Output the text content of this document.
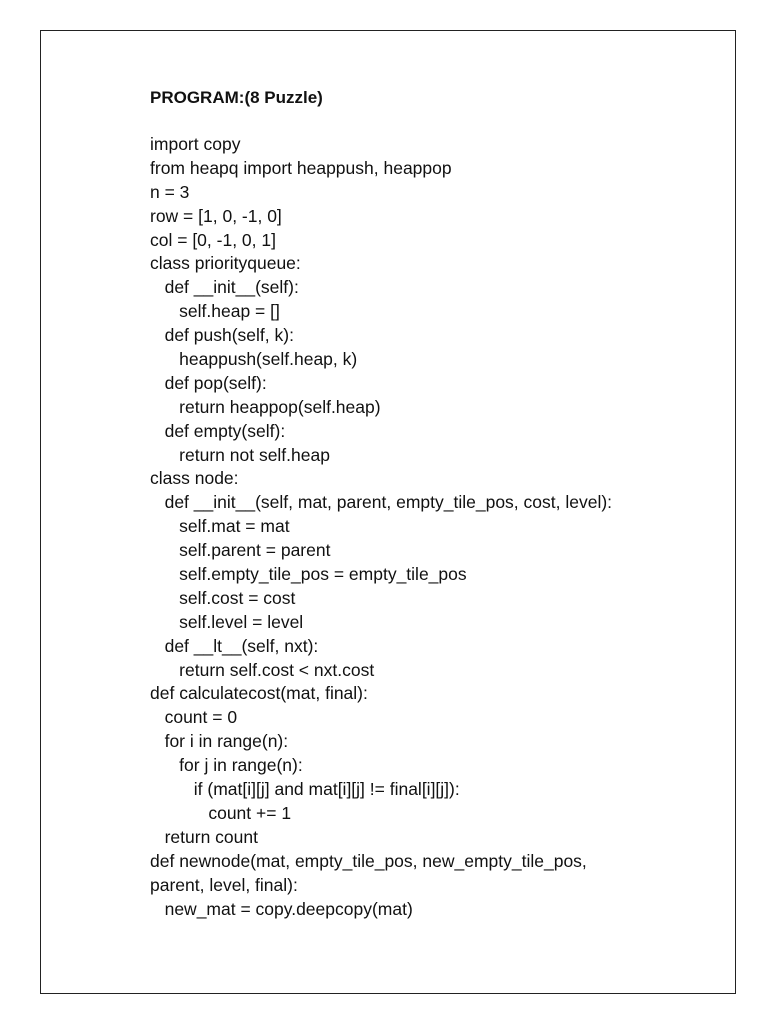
PROGRAM:(8 Puzzle)
import copy
from heapq import heappush, heappop
n = 3
row = [1, 0, -1, 0]
col = [0, -1, 0, 1]
class priorityqueue:
def __init__(self):
self.heap = []
def push(self, k):
heappush(self.heap, k)
def pop(self):
return heappop(self.heap)
def empty(self):
return not self.heap
class node:
def __init__(self, mat, parent, empty_tile_pos, cost, level):
self.mat = mat
self.parent = parent
self.empty_tile_pos = empty_tile_pos
self.cost = cost
self.level = level
def __lt__(self, nxt):
return self.cost < nxt.cost
def calculatecost(mat, final):
count = 0
for i in range(n):
for j in range(n):
if (mat[i][j] and mat[i][j] != final[i][j]):
count += 1
return count
def newnode(mat, empty_tile_pos, new_empty_tile_pos,
parent, level, final):
new_mat = copy.deepcopy(mat)
